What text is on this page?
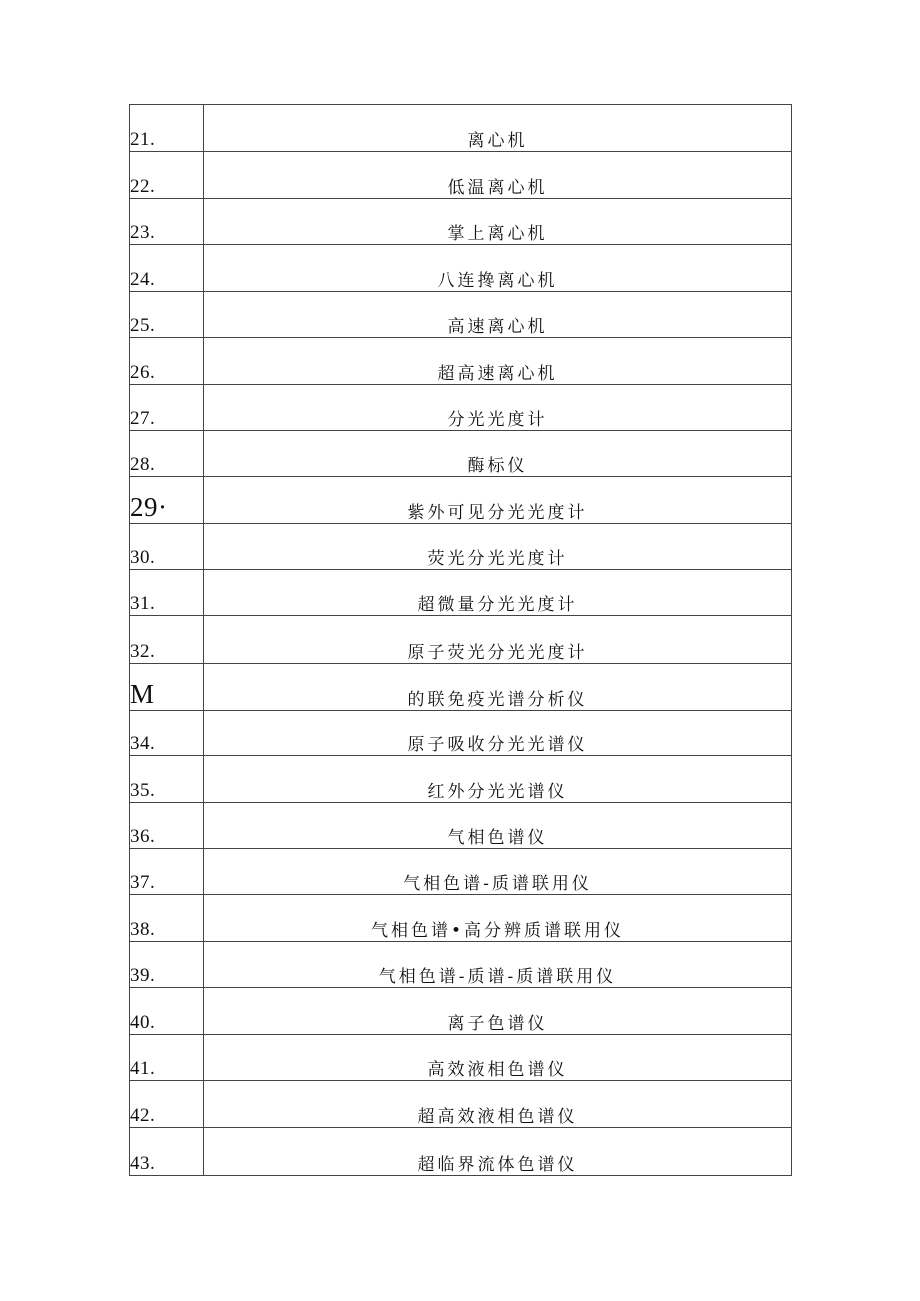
21.	离心机
22.	低温离心机
23.	掌上离心机
24.	八连搀离心机
25.	高速离心机
26.	超高速离心机
27.	分光光度计
28.	酶标仪
29·	紫外可见分光光度计
30.	荧光分光光度计
31.	超微量分光光度计
32.	原子荧光分光光度计
M	的联免疫光谱分析仪
34.	原子吸收分光光谱仪
35.	红外分光光谱仪
36.	气相色谱仪
37.	气相色谱-质谱联用仪
38.	气相色谱•高分辨质谱联用仪
39.	气相色谱-质谱-质谱联用仪
40.	离子色谱仪
41.	高效液相色谱仪
42.	超高效液相色谱仪
43.	超临界流体色谱仪
